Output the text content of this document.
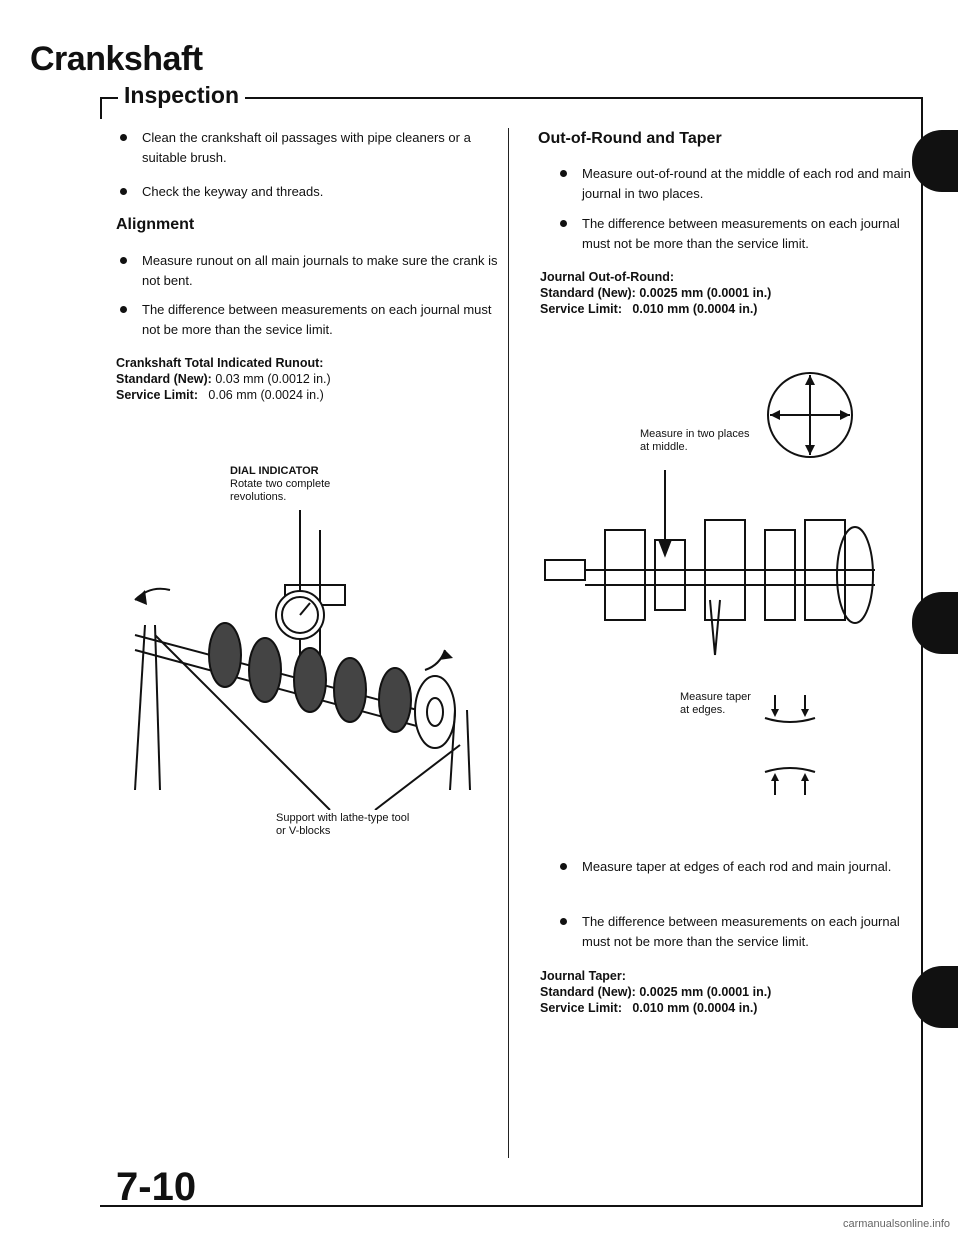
Crankshaft
Inspection
Clean the crankshaft oil passages with pipe cleaners or a suitable brush.
Check the keyway and threads.
Alignment
Measure runout on all main journals to make sure the crank is not bent.
The difference between measurements on each journal must not be more than the sevice limit.
Crankshaft Total Indicated Runout:
Standard (New): 0.03 mm (0.0012 in.)
Service Limit: 0.06 mm (0.0024 in.)
DIAL INDICATOR
Rotate two complete revolutions.
Support with lathe-type tool or V-blocks
Out-of-Round and Taper
Measure out-of-round at the middle of each rod and main journal in two places.
The difference between measurements on each journal must not be more than the service limit.
Journal Out-of-Round:
Standard (New): 0.0025 mm (0.0001 in.)
Service Limit: 0.010 mm (0.0004 in.)
Measure in two places at middle.
Measure taper at edges.
Measure taper at edges of each rod and main journal.
The difference between measurements on each journal must not be more than the service limit.
Journal Taper:
Standard (New): 0.0025 mm (0.0001 in.)
Service Limit: 0.010 mm (0.0004 in.)
7-10
carmanualsonline.info
